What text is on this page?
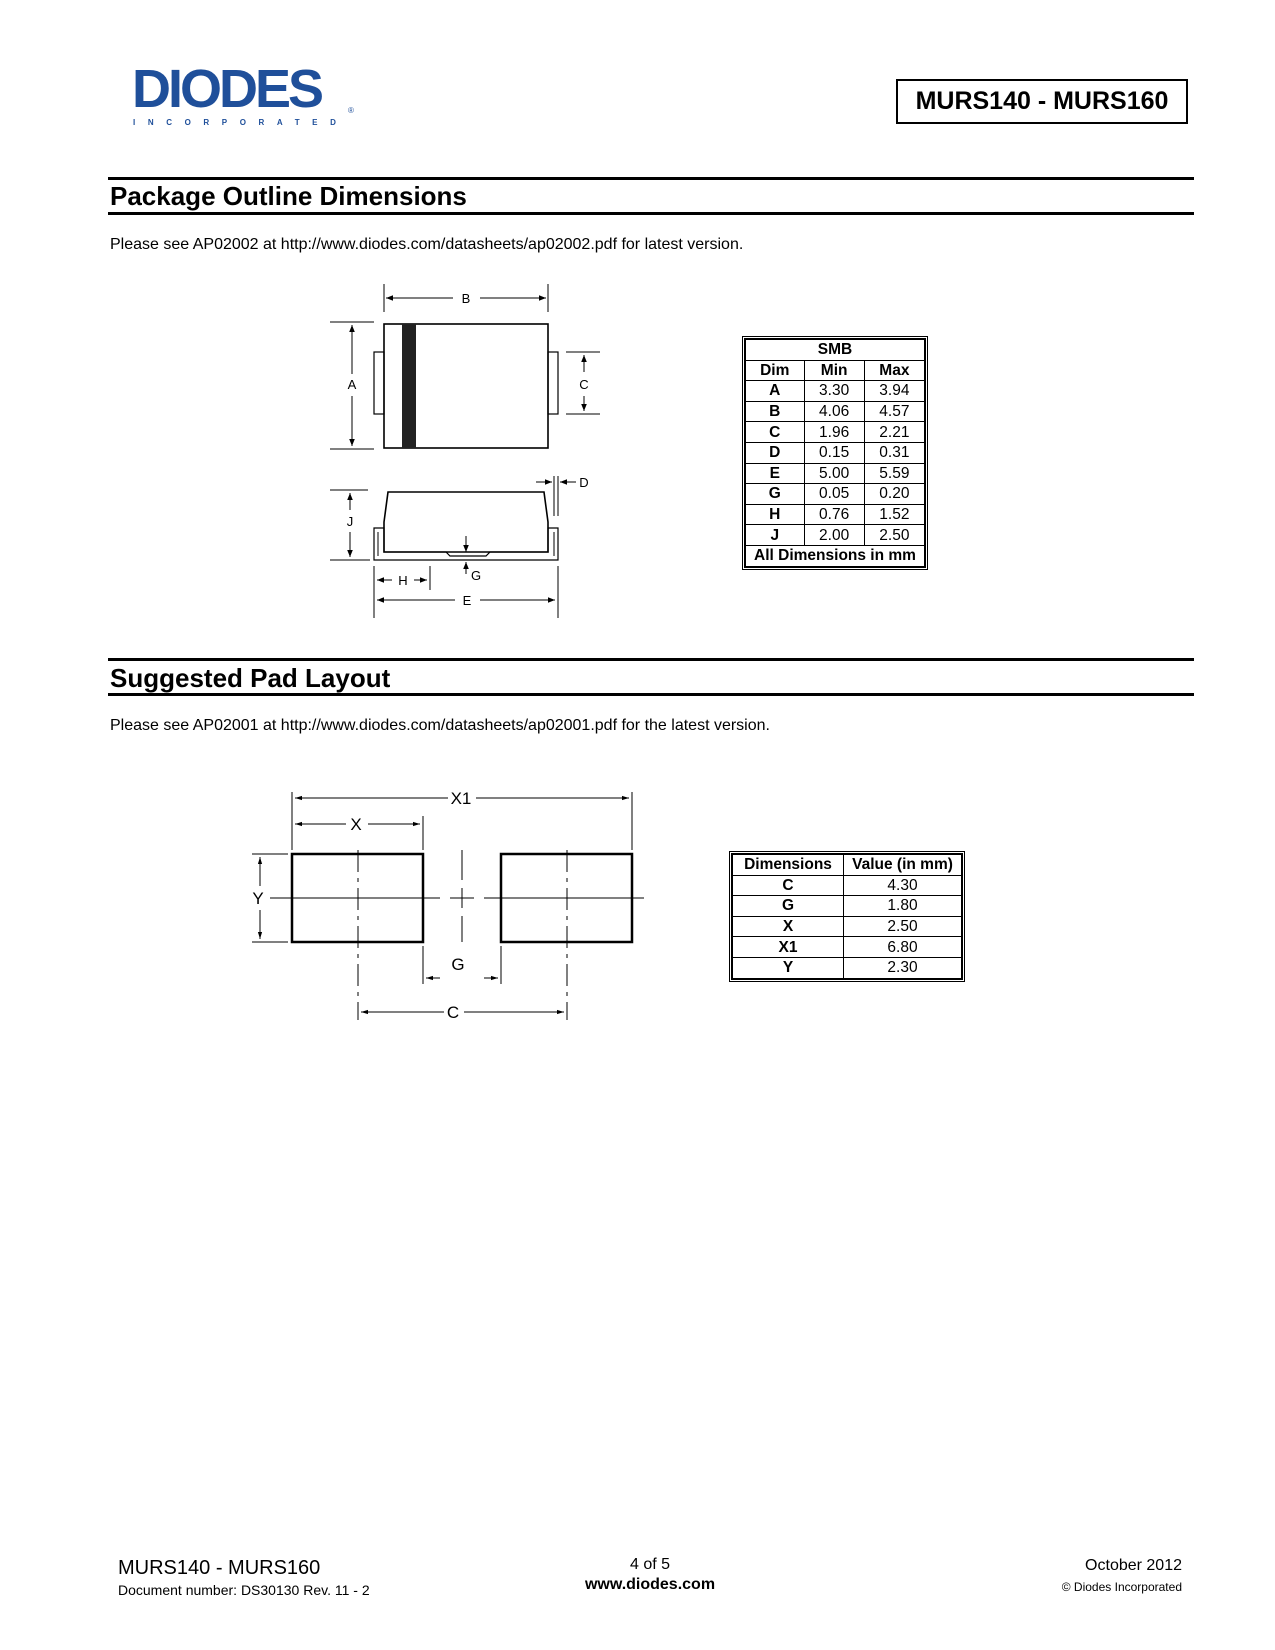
DIODES	®
INCORPORATED
MURS140 - MURS160
Package Outline Dimensions
Please see AP02002 at http://www.diodes.com/datasheets/ap02002.pdf for latest version.
B
A	C
D
J
G
H
E
SMB		
Dim	Min	Max
A	3.30	3.94
B	4.06	4.57
C	1.96	2.21
D	0.15	0.31
E	5.00	5.59
G	0.05	0.20
H	0.76	1.52
J	2.00	2.50
All Dimensions in mm		
Suggested Pad Layout
Please see AP02001 at http://www.diodes.com/datasheets/ap02001.pdf for the latest version.
X1
X
Y
G
C
Dimensions	Value (in mm)
C	4.30
G	1.80
X	2.50
X1	6.80
Y	2.30
MURS140 - MURS160
Document number: DS30130 Rev. 11 - 2
4 of 5
www.diodes.com
October 2012
© Diodes Incorporated
